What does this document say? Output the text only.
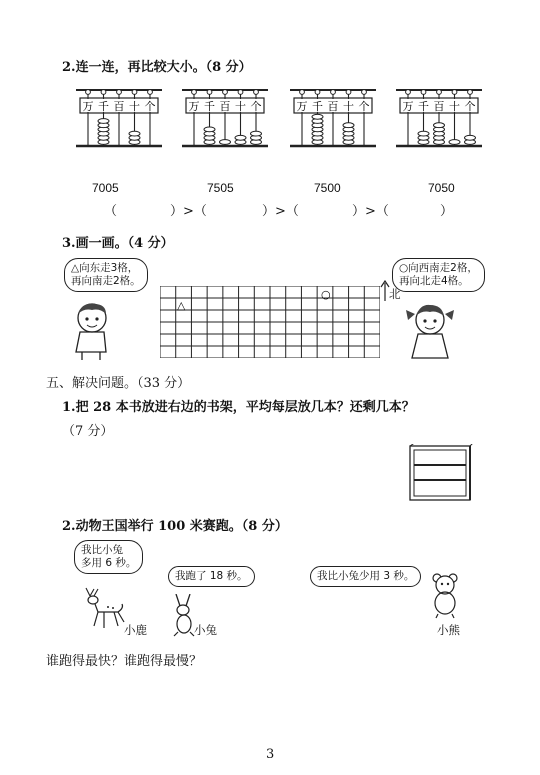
2.连一连，再比较大小。（8 分）
万 千 百 十 个	万 千 百 十 个	万 千 百 十 个	万 千 百 十 个
7005	7505	7500	7050
（	）>（	）>（	）>（	）
3.画一画。（4 分）
△向东走3格，
再向南走2格。
○向西南走2格，
再向北走4格。
△
○	北
五、解决问题。（33 分）
1.把 28 本书放进右边的书架，平均每层放几本？还剩几本？
（7 分）
2.动物王国举行 100 米赛跑。（8 分）
我比小兔
多用 6 秒。
我跑了 18 秒。	我比小兔少用 3 秒。
小鹿	小兔	小熊
谁跑得最快？谁跑得最慢？
3
